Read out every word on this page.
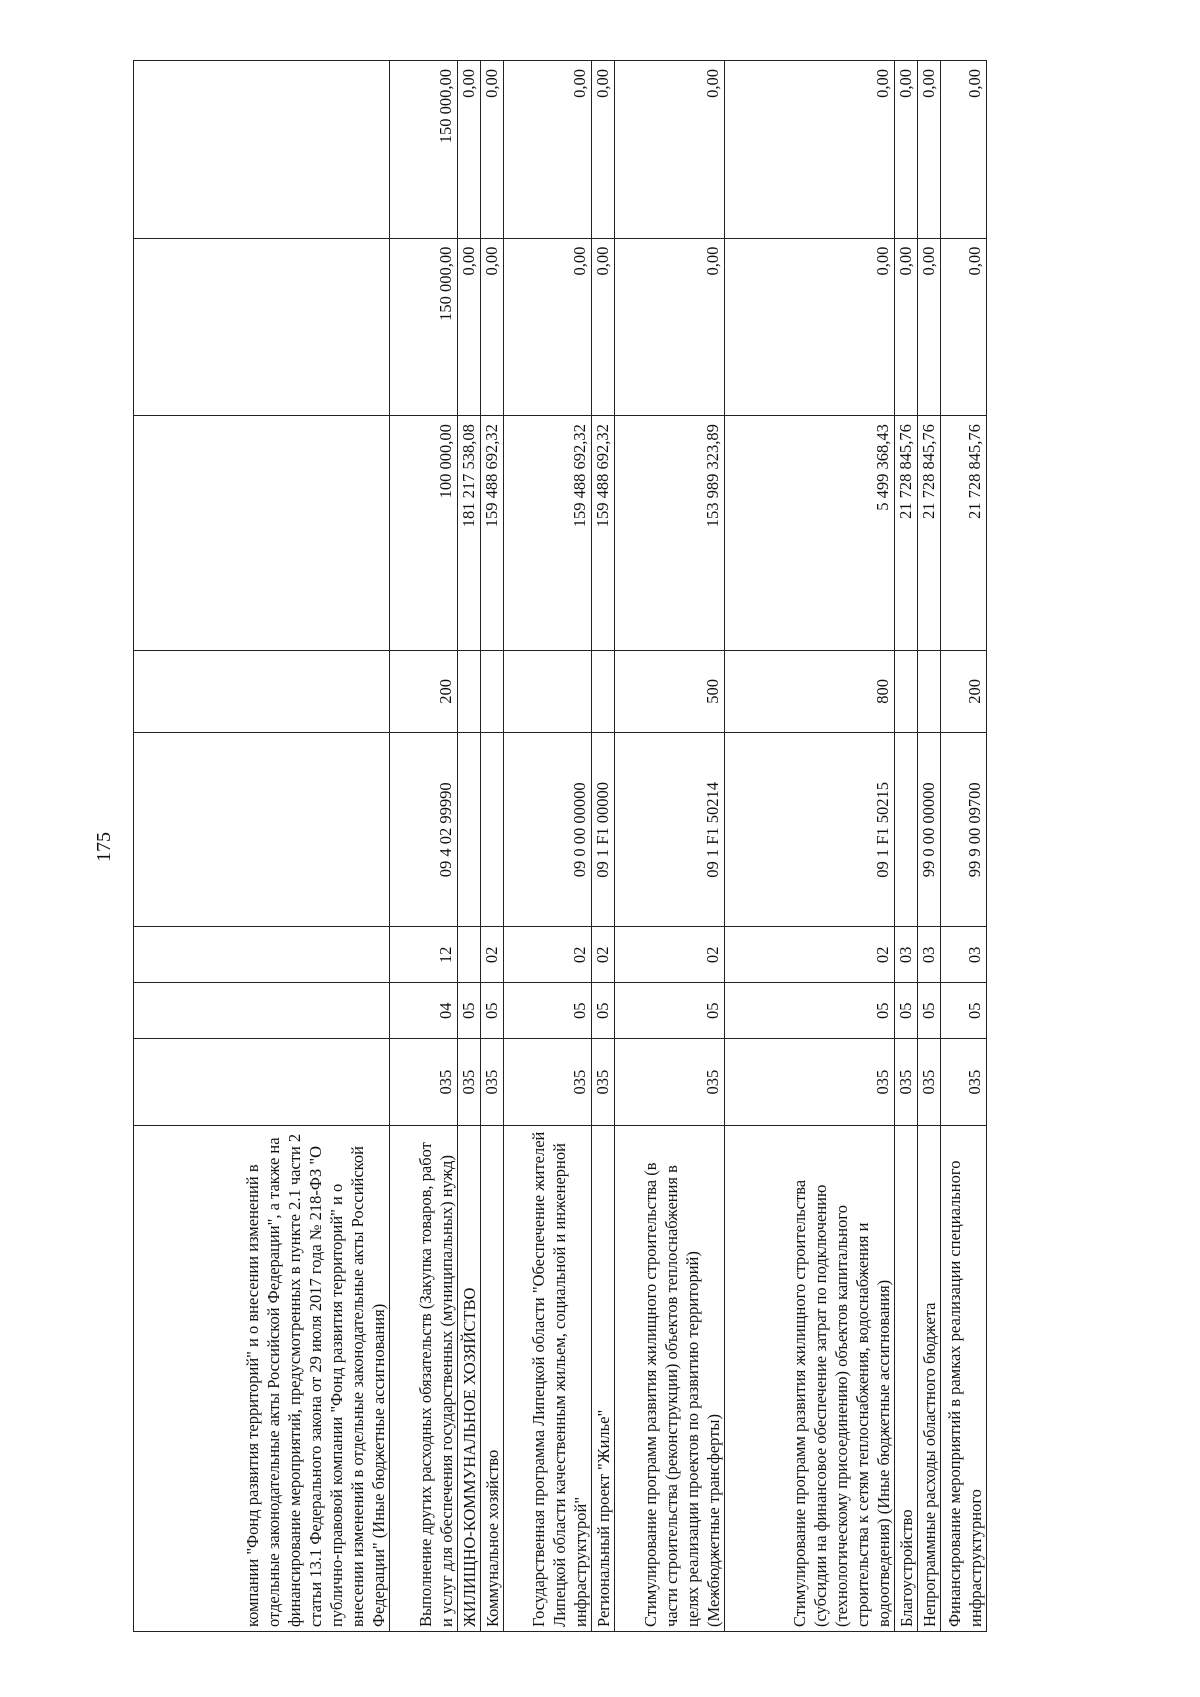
175
компании "Фонд развития территорий" и о внесении изменений в отдельные законодательные акты Российской Федерации", а также на финансирование мероприятий, предусмотренных в пункте 2.1 части 2 статьи 13.1 Федерального закона от 29 июля 2017 года № 218-ФЗ "О публично-правовой компании "Фонд развития территорий" и о внесении изменений в отдельные законодательные акты Российской Федерации" (Иные бюджетные ассигнования)								
Выполнение других расходных обязательств (Закупка товаров, работ и услуг для обеспечения государственных (муниципальных) нужд)	035	04	12	09 4 02 99990	200	100 000,00	150 000,00	150 000,00
ЖИЛИЩНО-КОММУНАЛЬНОЕ ХОЗЯЙСТВО	035	05				181 217 538,08	0,00	0,00
Коммунальное хозяйство	035	05	02			159 488 692,32	0,00	0,00
Государственная программа Липецкой области "Обеспечение жителей Липецкой области качественным жильем, социальной и инженерной инфраструктурой"	035	05	02	09 0 00 00000		159 488 692,32	0,00	0,00
Региональный проект "Жилье"	035	05	02	09 1 F1 00000		159 488 692,32	0,00	0,00
Стимулирование программ развития жилищного строительства (в части строительства (реконструкции) объектов теплоснабжения в целях реализации проектов по развитию территорий) (Межбюджетные трансферты)	035	05	02	09 1 F1 50214	500	153 989 323,89	0,00	0,00
Стимулирование программ развития жилищного строительства (субсидии на финансовое обеспечение затрат по подключению (технологическому присоединению) объектов капитального строительства к сетям теплоснабжения, водоснабжения и водоотведения) (Иные бюджетные ассигнования)	035	05	02	09 1 F1 50215	800	5 499 368,43	0,00	0,00
Благоустройство	035	05	03			21 728 845,76	0,00	0,00
Непрограммные расходы областного бюджета	035	05	03	99 0 00 00000		21 728 845,76	0,00	0,00
Финансирование мероприятий в рамках реализации специального инфраструктурного	035	05	03	99 9 00 09700	200	21 728 845,76	0,00	0,00
